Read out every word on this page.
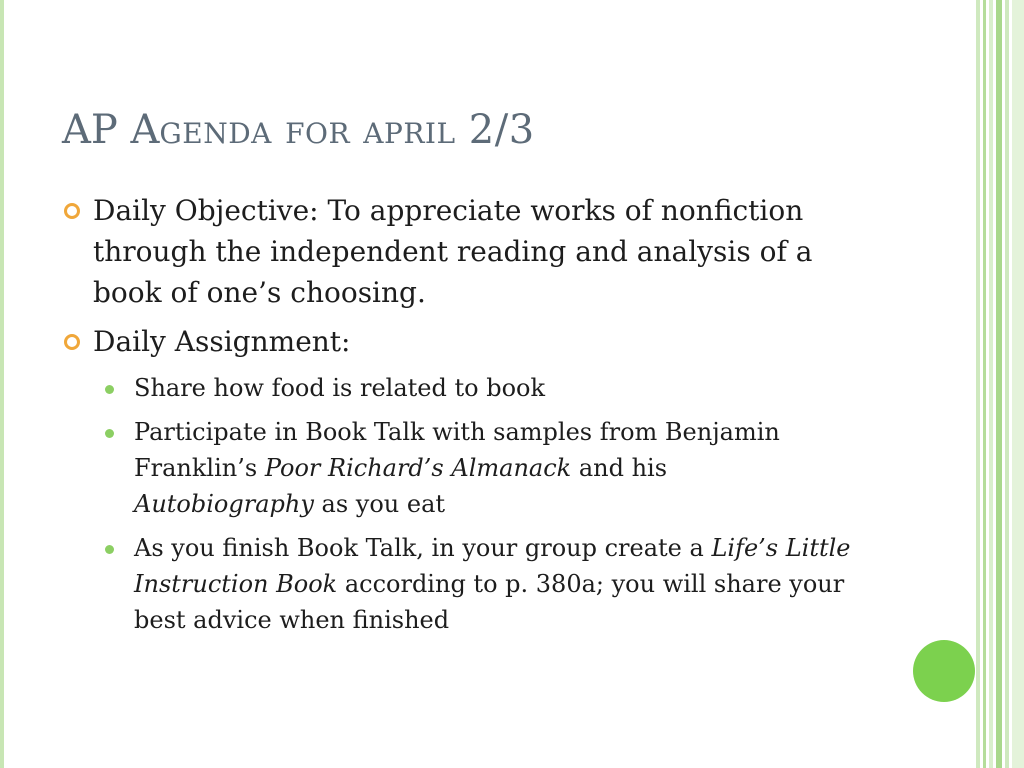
AP Agenda for april 2/3
Daily Objective: To appreciate works of nonfiction through the independent reading and analysis of a book of one’s choosing.
Daily Assignment:
Share how food is related to book
Participate in Book Talk with samples from Benjamin Franklin’s Poor Richard’s Almanack and his Autobiography as you eat
As you finish Book Talk, in your group create a Life’s Little Instruction Book according to p. 380a; you will share your best advice when finished
